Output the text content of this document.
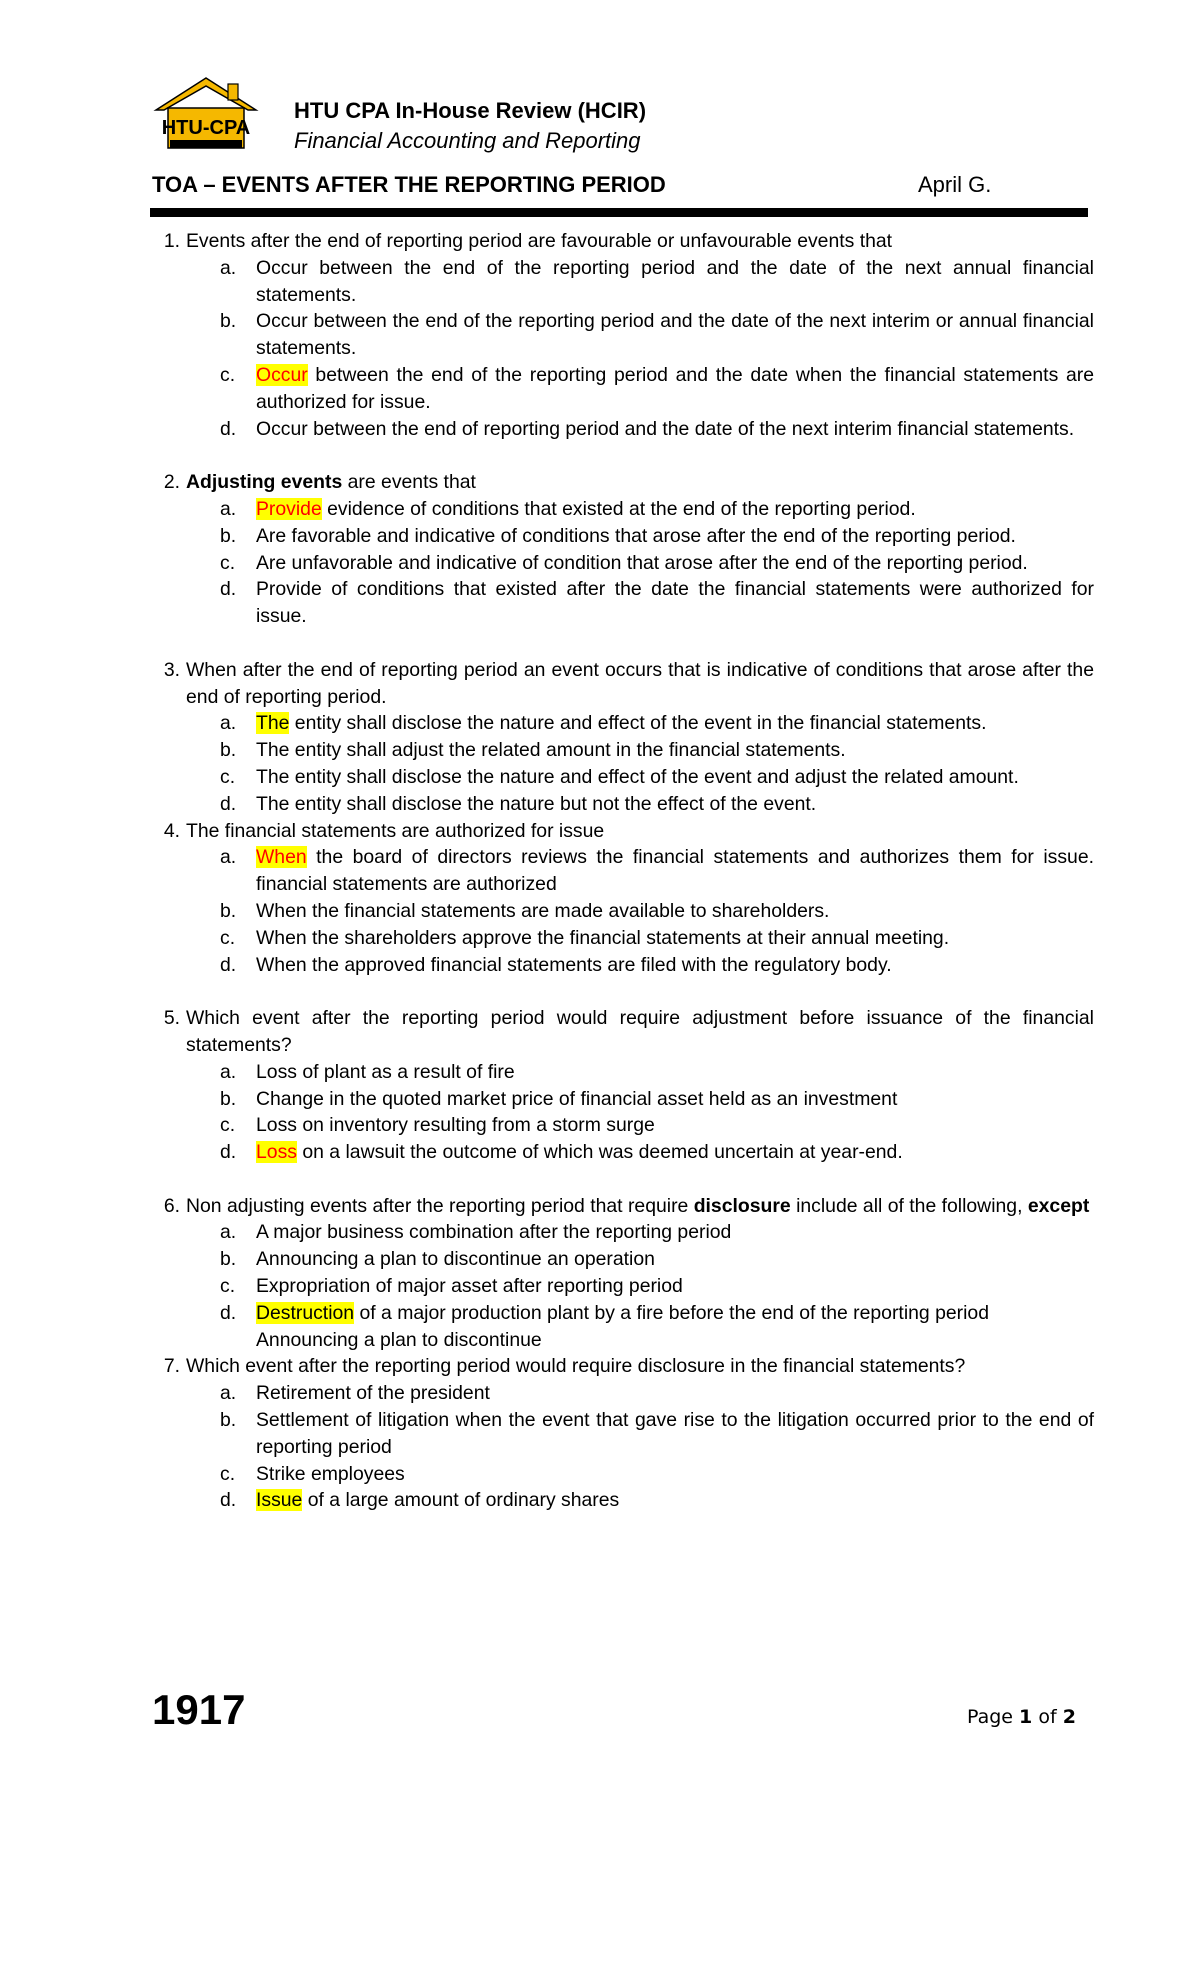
HTU-CPA
HTU CPA In-House Review (HCIR)
Financial Accounting and Reporting
TOA – EVENTS AFTER THE REPORTING PERIOD	April G.
1. Events after the end of reporting period are favourable or unfavourable events that
a. Occur between the end of the reporting period and the date of the next annual financial statements.
b. Occur between the end of the reporting period and the date of the next interim or annual financial statements.
c. Occur between the end of the reporting period and the date when the financial statements are authorized for issue.
d. Occur between the end of reporting period and the date of the next interim financial statements.
2. Adjusting events are events that
a. Provide evidence of conditions that existed at the end of the reporting period.
b. Are favorable and indicative of conditions that arose after the end of the reporting period.
c. Are unfavorable and indicative of condition that arose after the end of the reporting period.
d. Provide of conditions that existed after the date the financial statements were authorized for issue.
3. When after the end of reporting period an event occurs that is indicative of conditions that arose after the end of reporting period.
a. The entity shall disclose the nature and effect of the event in the financial statements.
b. The entity shall adjust the related amount in the financial statements.
c. The entity shall disclose the nature and effect of the event and adjust the related amount.
d. The entity shall disclose the nature but not the effect of the event.
4. The financial statements are authorized for issue
a. When the board of directors reviews the financial statements and authorizes them for issue. financial statements are authorized
b. When the financial statements are made available to shareholders.
c. When the shareholders approve the financial statements at their annual meeting.
d. When the approved financial statements are filed with the regulatory body.
5. Which event after the reporting period would require adjustment before issuance of the financial statements?
a. Loss of plant as a result of fire
b. Change in the quoted market price of financial asset held as an investment
c. Loss on inventory resulting from a storm surge
d. Loss on a lawsuit the outcome of which was deemed uncertain at year-end.
6. Non adjusting events after the reporting period that require disclosure include all of the following, except
a. A major business combination after the reporting period
b. Announcing a plan to discontinue an operation
c. Expropriation of major asset after reporting period
d. Destruction of a major production plant by a fire before the end of the reporting period
Announcing a plan to discontinue
7. Which event after the reporting period would require disclosure in the financial statements?
a. Retirement of the president
b. Settlement of litigation when the event that gave rise to the litigation occurred prior to the end of reporting period
c. Strike employees
d. Issue of a large amount of ordinary shares
1917	Page 1 of 2
